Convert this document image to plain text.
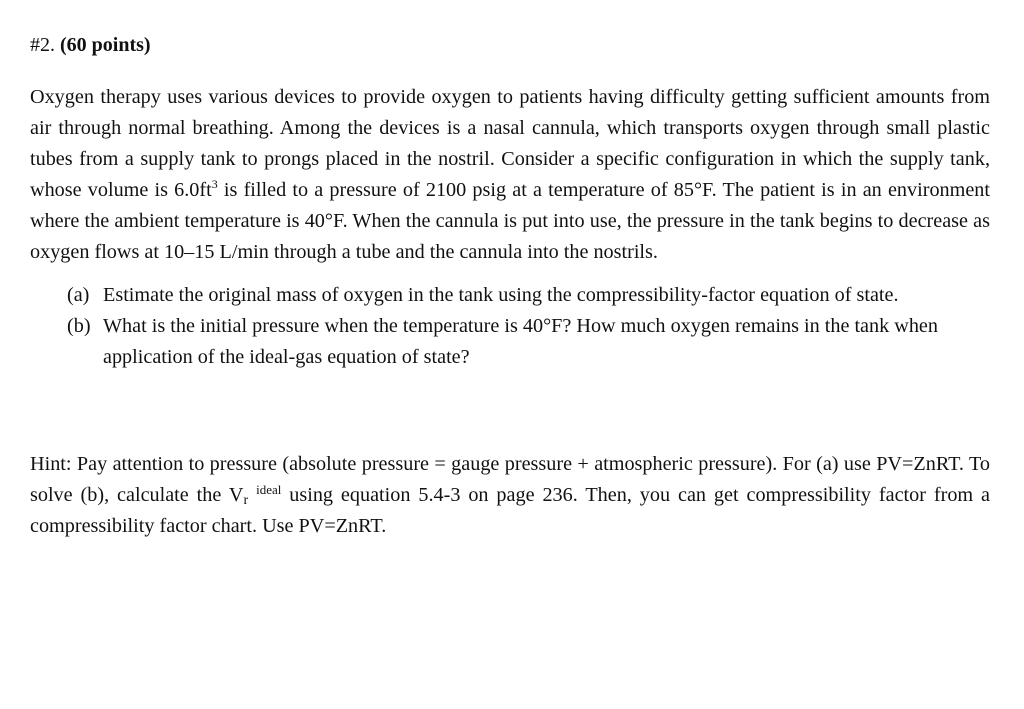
#2. (60 points)

Oxygen therapy uses various devices to provide oxygen to patients having difficulty getting sufficient amounts from air through normal breathing. Among the devices is a nasal cannula, which transports oxygen through small plastic tubes from a supply tank to prongs placed in the nostril. Consider a specific configuration in which the supply tank, whose volume is $6.0ft^3$ is filled to a pressure of 2100 psig at a temperature of 85°F. The patient is in an environment where the ambient temperature is 40°F. When the cannula is put into use, the pressure in the tank begins to decrease as oxygen flows at 10–15 L/min through a tube and the cannula into the nostrils.

(a) Estimate the original mass of oxygen in the tank using the compressibility-factor equation of state.
(b) What is the initial pressure when the temperature is 40°F? How much oxygen remains in the tank when application of the ideal-gas equation of state?

Hint: Pay attention to pressure (absolute pressure = gauge pressure + atmospheric pressure). For (a) use PV=ZnRT. To solve (b), calculate the $V_r$ $^{ideal}$ using equation 5.4-3 on page 236. Then, you can get compressibility factor from a compressibility factor chart. Use PV=ZnRT.
